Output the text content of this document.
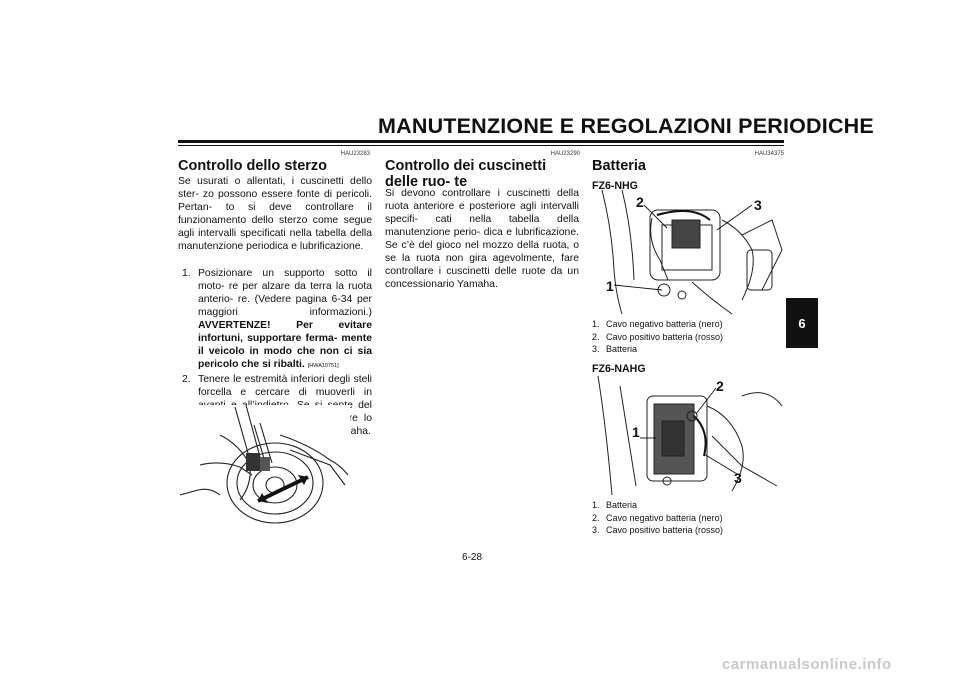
MANUTENZIONE E REGOLAZIONI PERIODICHE
HAU23283
Controllo dello sterzo
Se usurati o allentati, i cuscinetti dello ster- zo possono essere fonte di pericoli. Pertan- to si deve controllare il funzionamento dello sterzo come segue agli intervalli specificati nella tabella della manutenzione periodica e lubrificazione.
1. Posizionare un supporto sotto il moto- re per alzare da terra la ruota anterio- re. (Vedere pagina 6-34 per maggiori informazioni.) AVVERTENZE! Per evitare infortuni, supportare ferma- mente il veicolo in modo che non ci sia pericolo che si ribalti. [HWA10751]
2. Tenere le estremità inferiori degli steli forcella e cercare di muoverli in avanti e all’indietro. Se si sente del gioco, fare controllare o riparare lo sterzo da un concessionario Yamaha.
HAU23290
Controllo dei cuscinetti delle ruo- te
Si devono controllare i cuscinetti della ruota anteriore e posteriore agli intervalli specifi- cati nella tabella della manutenzione perio- dica e lubrificazione. Se c’è del gioco nel mozzo della ruota, o se la ruota non gira agevolmente, fare controllare i cuscinetti delle ruote da un concessionario Yamaha.
HAU34375
Batteria
FZ6-NHG
2	3
1
1. Cavo negativo batteria (nero)
2. Cavo positivo batteria (rosso)
3. Batteria
FZ6-NAHG
2
1
3
1. Batteria
2. Cavo negativo batteria (nero)
3. Cavo positivo batteria (rosso)
6
6-28
carmanualsonline.info
